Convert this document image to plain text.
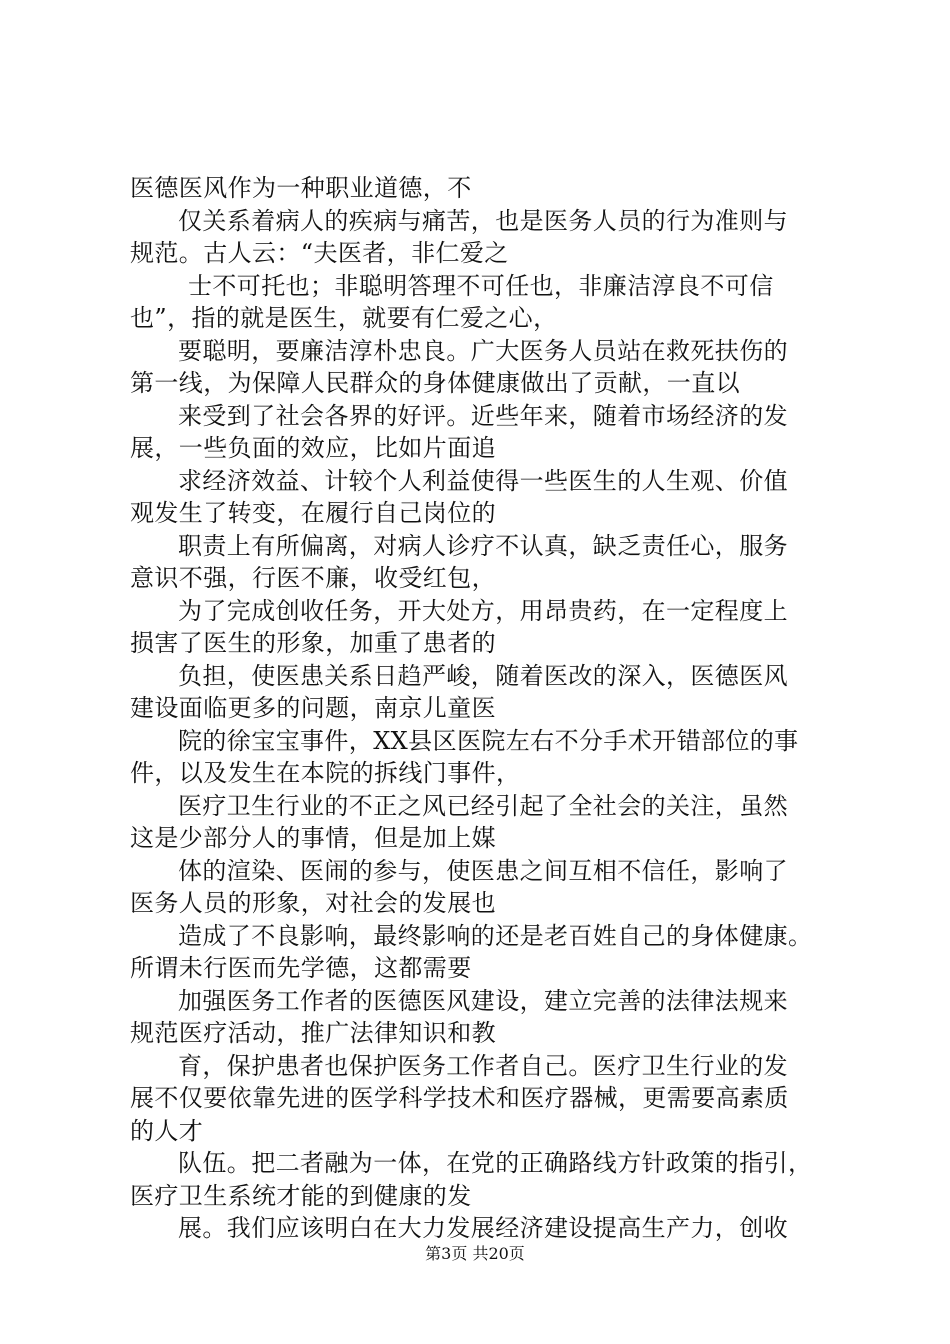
医德医风作为一种职业道德，不
仅关系着病人的疾病与痛苦，也是医务人员的行为准则与
规范。古人云：“夫医者，非仁爱之
士不可托也；非聪明答理不可任也，非廉洁淳良不可信
也”，指的就是医生，就要有仁爱之心，
要聪明，要廉洁淳朴忠良。广大医务人员站在救死扶伤的
第一线，为保障人民群众的身体健康做出了贡献，一直以
来受到了社会各界的好评。近些年来，随着市场经济的发
展，一些负面的效应，比如片面追
求经济效益、计较个人利益使得一些医生的人生观、价值
观发生了转变，在履行自己岗位的
职责上有所偏离，对病人诊疗不认真，缺乏责任心，服务
意识不强，行医不廉，收受红包，
为了完成创收任务，开大处方，用昂贵药，在一定程度上
损害了医生的形象，加重了患者的
负担，使医患关系日趋严峻，随着医改的深入，医德医风
建设面临更多的问题，南京儿童医
院的徐宝宝事件，XX县区医院左右不分手术开错部位的事
件，以及发生在本院的拆线门事件，
医疗卫生行业的不正之风已经引起了全社会的关注，虽然
这是少部分人的事情，但是加上媒
体的渲染、医闹的参与，使医患之间互相不信任，影响了
医务人员的形象，对社会的发展也
造成了不良影响，最终影响的还是老百姓自己的身体健康。
所谓未行医而先学德，这都需要
加强医务工作者的医德医风建设，建立完善的法律法规来
规范医疗活动，推广法律知识和教
育，保护患者也保护医务工作者自己。医疗卫生行业的发
展不仅要依靠先进的医学科学技术和医疗器械，更需要高素质
的人才
队伍。把二者融为一体，在党的正确路线方针政策的指引，
医疗卫生系统才能的到健康的发
展。我们应该明白在大力发展经济建设提高生产力，创收
第3页 共20页
